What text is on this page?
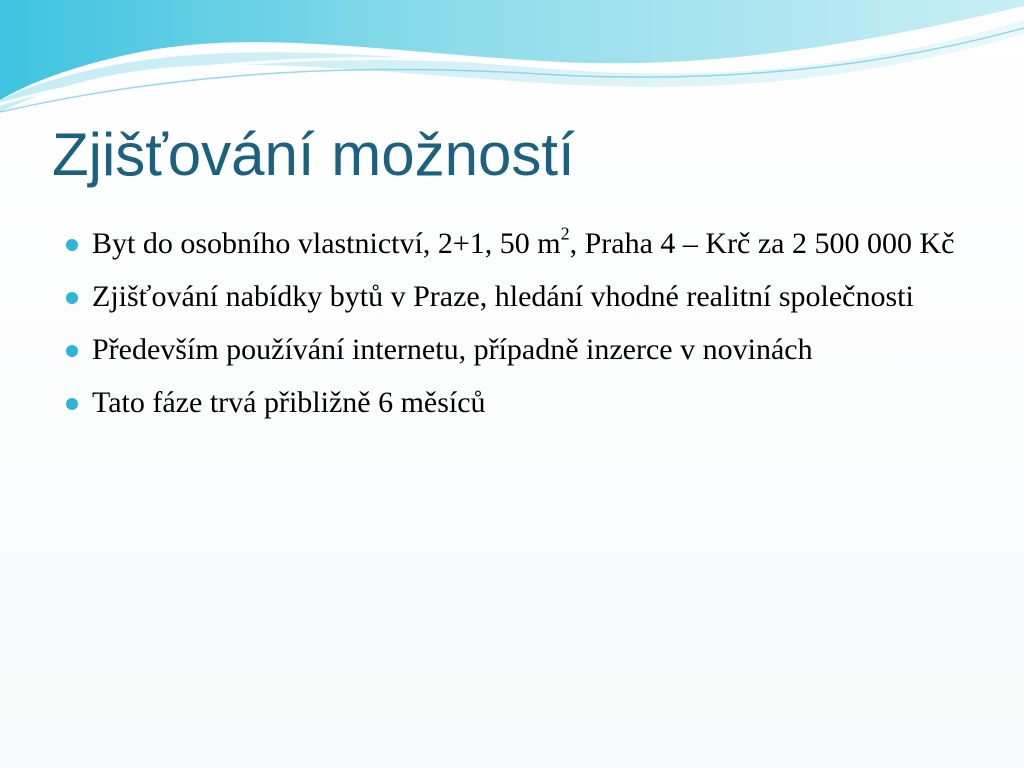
Zjišťování možností
Byt do osobního vlastnictví, 2+1, 50 $m^2$, Praha 4 – Krč za 2 500 000 Kč
Zjišťování nabídky bytů v Praze, hledání vhodné realitní společnosti
Především používání internetu, případně inzerce v novinách
Tato fáze trvá přibližně 6 měsíců
